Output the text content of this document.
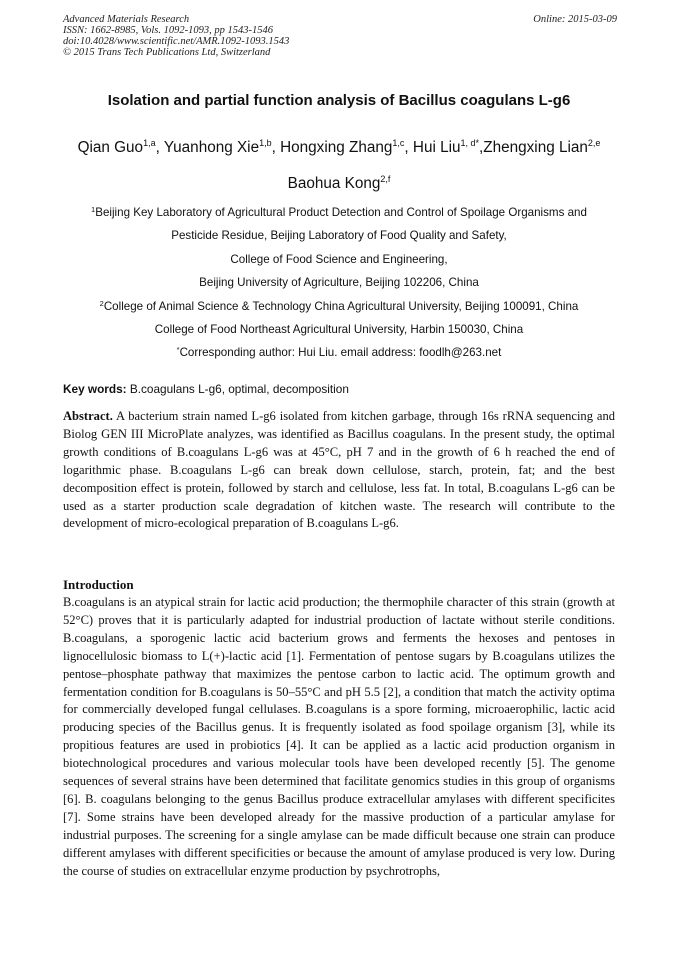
Advanced Materials Research
ISSN: 1662-8985, Vols. 1092-1093, pp 1543-1546
doi:10.4028/www.scientific.net/AMR.1092-1093.1543
© 2015 Trans Tech Publications Ltd, Switzerland
Online: 2015-03-09
Isolation and partial function analysis of Bacillus coagulans L-g6
Qian Guo$^{1,a}$, Yuanhong Xie$^{1,b}$, Hongxing Zhang$^{1,c}$, Hui Liu$^{1, d*}$,Zhengxing Lian$^{2,e}$
Baohua Kong$^{2,f}$
$^1$Beijing Key Laboratory of Agricultural Product Detection and Control of Spoilage Organisms and
Pesticide Residue, Beijing Laboratory of Food Quality and Safety,
College of Food Science and Engineering,
Beijing University of Agriculture, Beijing 102206, China
$^2$College of Animal Science & Technology China Agricultural University, Beijing 100091, China
College of Food Northeast Agricultural University, Harbin 150030, China
*Corresponding author: Hui Liu. email address: foodlh@263.net
Key words: B.coagulans L-g6, optimal, decomposition
Abstract. A bacterium strain named L-g6 isolated from kitchen garbage, through 16s rRNA sequencing and Biolog GEN III MicroPlate analyzes, was identified as Bacillus coagulans. In the present study, the optimal growth conditions of B.coagulans L-g6 was at 45°C, pH 7 and in the growth of 6 h reached the end of logarithmic phase. B.coagulans L-g6 can break down cellulose, starch, protein, fat; and the best decomposition effect is protein, followed by starch and cellulose, less fat. In total, B.coagulans L-g6 can be used as a starter production scale degradation of kitchen waste. The research will contribute to the development of micro-ecological preparation of B.coagulans L-g6.
Introduction
B.coagulans is an atypical strain for lactic acid production; the thermophile character of this strain (growth at 52°C) proves that it is particularly adapted for industrial production of lactate without sterile conditions. B.coagulans, a sporogenic lactic acid bacterium grows and ferments the hexoses and pentoses in lignocellulosic biomass to L(+)-lactic acid [1]. Fermentation of pentose sugars by B.coagulans utilizes the pentose–phosphate pathway that maximizes the pentose carbon to lactic acid. The optimum growth and fermentation condition for B.coagulans is 50–55°C and pH 5.5 [2], a condition that match the activity optima for commercially developed fungal cellulases. B.coagulans is a spore forming, microaerophilic, lactic acid producing species of the Bacillus genus. It is frequently isolated as food spoilage organism [3], while its propitious features are used in probiotics [4]. It can be applied as a lactic acid production organism in biotechnological procedures and various molecular tools have been developed recently [5]. The genome sequences of several strains have been determined that facilitate genomics studies in this group of organisms [6]. B. coagulans belonging to the genus Bacillus produce extracellular amylases with different specificites [7]. Some strains have been developed already for the massive production of a particular amylase for industrial purposes. The screening for a single amylase can be made difficult because one strain can produce different amylases with different specificities or because the amount of amylase produced is very low. During the course of studies on extracellular enzyme production by psychrotrophs,
